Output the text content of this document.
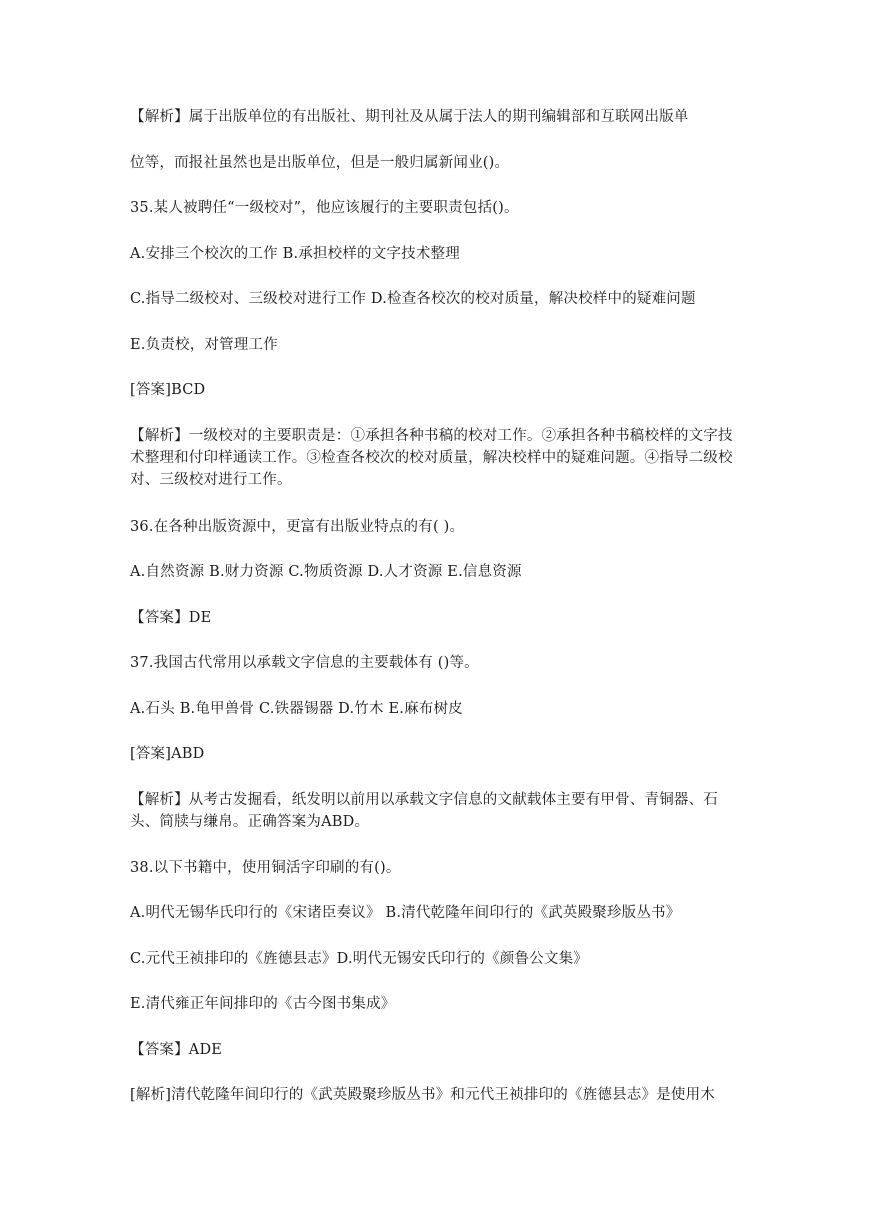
【解析】属于出版单位的有出版社、期刊社及从属于法人的期刊编辑部和互联网出版单
位等，而报社虽然也是出版单位，但是一般归属新闻业()。
35.某人被聘任“一级校对”，他应该履行的主要职责包括()。
A.安排三个校次的工作 B.承担校样的文字技术整理
C.指导二级校对、三级校对进行工作 D.检查各校次的校对质量，解决校样中的疑难问题
E.负责校，对管理工作
[答案]BCD
【解析】一级校对的主要职责是：①承担各种书稿的校对工作。②承担各种书稿校样的文字技术整理和付印样通读工作。③检查各校次的校对质量，解决校样中的疑难问题。④指导二级校对、三级校对进行工作。
36.在各种出版资源中，更富有出版业特点的有( )。
A.自然资源 B.财力资源 C.物质资源 D.人才资源 E.信息资源
【答案】DE
37.我国古代常用以承载文字信息的主要载体有 ()等。
A.石头 B.龟甲兽骨 C.铁器锡器 D.竹木 E.麻布树皮
[答案]ABD
【解析】从考古发掘看，纸发明以前用以承载文字信息的文献载体主要有甲骨、青铜器、石头、简牍与缣帛。正确答案为ABD。
38.以下书籍中，使用铜活字印刷的有()。
A.明代无锡华氏印行的《宋诸臣奏议》 B.清代乾隆年间印行的《武英殿聚珍版丛书》
C.元代王祯排印的《旌德县志》D.明代无锡安氏印行的《颜鲁公文集》
E.清代雍正年间排印的《古今图书集成》
【答案】ADE
[解析]清代乾隆年间印行的《武英殿聚珍版丛书》和元代王祯排印的《旌德县志》是使用木
